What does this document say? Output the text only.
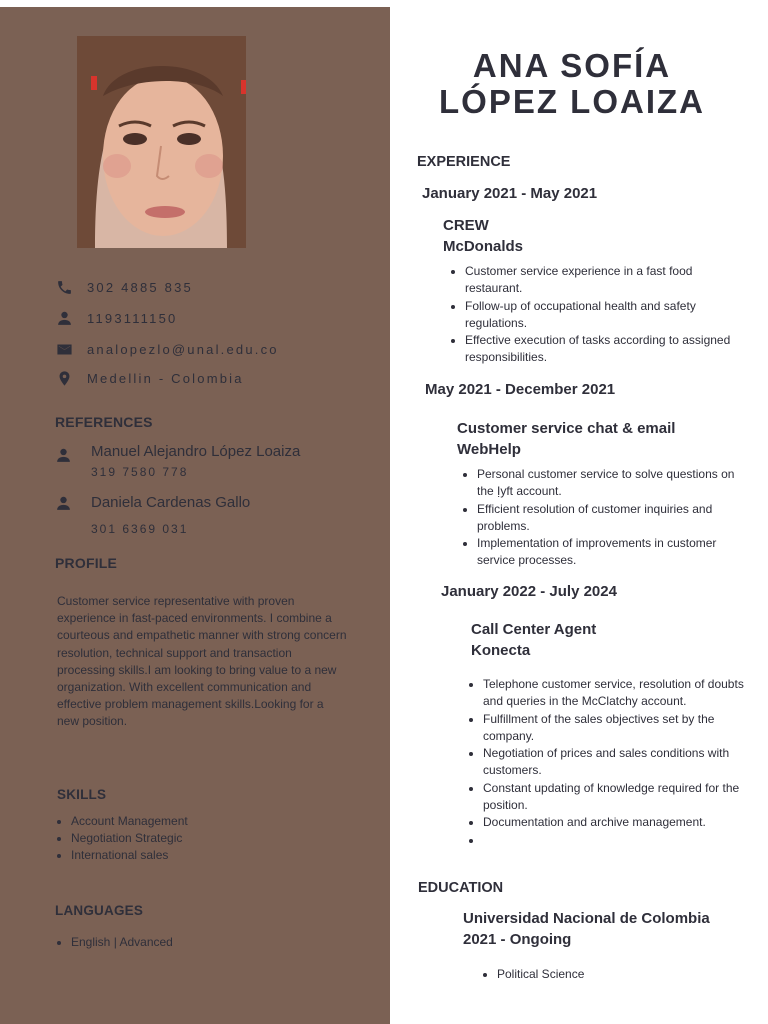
302 4885 835
1193111150
analopezlo@unal.edu.co
Medellin - Colombia
REFERENCES
Manuel Alejandro López Loaiza
319 7580 778
Daniela Cardenas Gallo
301 6369 031
PROFILE

Customer service representative with proven experience in fast-paced environments. I combine a courteous and empathetic manner with strong concern resolution, technical support and transaction processing skills.I am looking to bring value to a new organization. With excellent communication and effective problem management skills.Looking for a new position.

SKILLS
• Account Management
• Negotiation Strategic
• International sales
LANGUAGES
• English | Advanced
ANA SOFÍA
LÓPEZ LOAIZA
EXPERIENCE
January 2021 - May 2021
CREW
McDonalds
• Customer service experience in a fast food restaurant.
• Follow-up of occupational health and safety regulations.
• Effective execution of tasks according to assigned responsibilities.
May 2021 - December 2021
Customer service chat & email
WebHelp
• Personal customer service to solve questions on the Ịyft account.
• Efficient resolution of customer inquiries and problems.
• Implementation of improvements in customer service processes.
January 2022 - July 2024
Call Center Agent
Konecta
• Telephone customer service, resolution of doubts and queries in the McClatchy account.
• Fulfillment of the sales objectives set by the company.
• Negotiation of prices and sales conditions with customers.
• Constant updating of knowledge required for the position.
• Documentation and archive management.
•
EDUCATION
Universidad Nacional de Colombia
2021 - Ongoing
• Political Science
